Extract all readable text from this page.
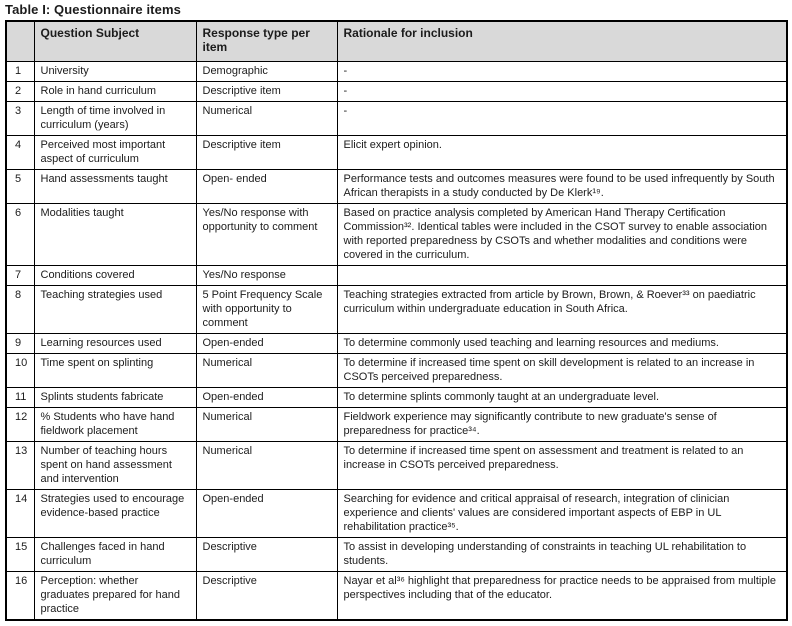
Table I: Questionnaire items
	Question Subject	Response type per item	Rationale for inclusion
1	University	Demographic	-
2	Role in hand curriculum	Descriptive item	-
3	Length of time involved in curriculum (years)	Numerical	-
4	Perceived most important aspect of curriculum	Descriptive item	Elicit expert opinion.
5	Hand assessments taught	Open- ended	Performance tests and outcomes measures were found to be used infrequently by South African therapists in a study conducted by De Klerk¹⁹.
6	Modalities taught	Yes/No response with opportunity to comment	Based on practice analysis completed by American Hand Therapy Certification Commission³². Identical tables were included in the CSOT survey to enable association with reported preparedness by CSOTs and whether modalities and conditions were covered in the curriculum.
7	Conditions covered	Yes/No response	
8	Teaching strategies used	5 Point Frequency Scale with opportunity to comment	Teaching strategies extracted from article by Brown, Brown, & Roever³³ on paediatric curriculum within undergraduate education in South Africa.
9	Learning resources used	Open-ended	To determine commonly used teaching and learning resources and mediums.
10	Time spent on splinting	Numerical	To determine if increased time spent on skill development is related to an increase in CSOTs perceived preparedness.
11	Splints students fabricate	Open-ended	To determine splints commonly taught at an undergraduate level.
12	% Students who have hand fieldwork placement	Numerical	Fieldwork experience may significantly contribute to new graduate's sense of preparedness for practice³⁴.
13	Number of teaching hours spent on hand assessment and intervention	Numerical	To determine if increased time spent on assessment and treatment is related to an increase in CSOTs perceived preparedness.
14	Strategies used to encourage evidence-based practice	Open-ended	Searching for evidence and critical appraisal of research, integration of clinician experience and clients' values are considered important aspects of EBP in UL rehabilitation practice³⁵.
15	Challenges faced in hand curriculum	Descriptive	To assist in developing understanding of constraints in teaching UL rehabilitation to students.
16	Perception: whether graduates prepared for hand practice	Descriptive	Nayar et al³⁶ highlight that preparedness for practice needs to be appraised from multiple perspectives including that of the educator.
